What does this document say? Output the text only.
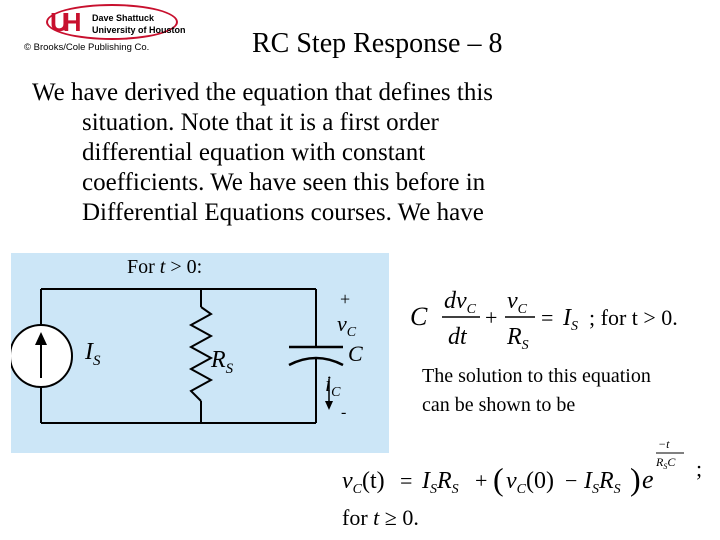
UH Dave Shattuck
University of Houston
© Brooks/Cole Publishing Co.	RC Step Response – 8
We have derived the equation that defines this
situation. Note that it is a first order
differential equation with constant
coefficients. We have seen this before in
Differential Equations courses. We have
For t > 0:
+
$v_C$
C
$i_C$
-
$I_S$	$R_S$
C
$dv_C$
dt
+
$v_C$
$R_S$
= $I_S$ ; for t > 0.
The solution to this equation
can be shown to be
$v_C(t) = I_SR_S$ + ( $v_C(0) - I_SR_S$ ) e
−t
$R_SC$ ;
for t ≥ 0.
